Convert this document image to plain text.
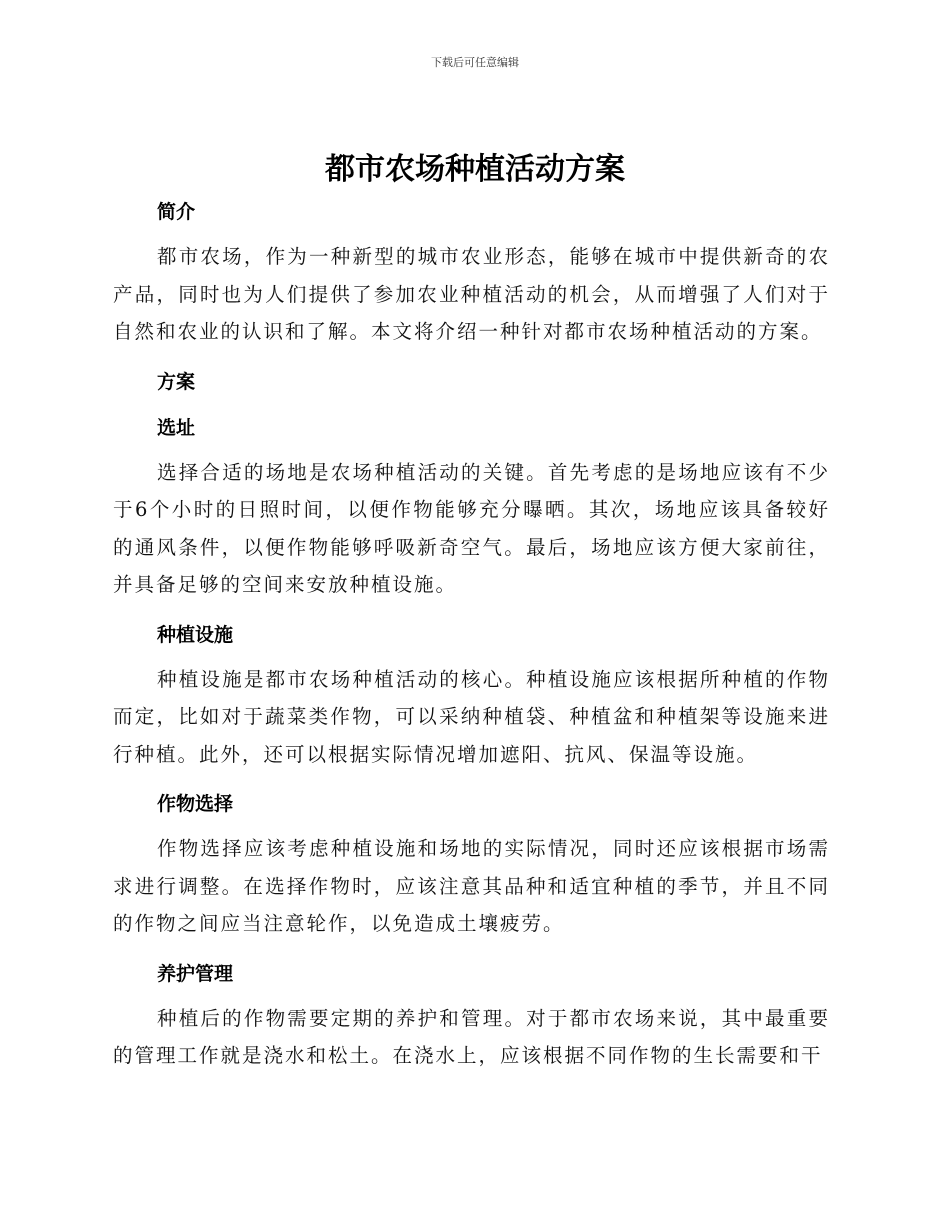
下载后可任意编辑
都市农场种植活动方案
简介

都市农场，作为一种新型的城市农业形态，能够在城市中提供新奇的农产品，同时也为人们提供了参加农业种植活动的机会，从而增强了人们对于自然和农业的认识和了解。本文将介绍一种针对都市农场种植活动的方案。

方案
选址

选择合适的场地是农场种植活动的关键。首先考虑的是场地应该有不少于6个小时的日照时间，以便作物能够充分曝晒。其次，场地应该具备较好的通风条件，以便作物能够呼吸新奇空气。最后，场地应该方便大家前往，并具备足够的空间来安放种植设施。

种植设施

种植设施是都市农场种植活动的核心。种植设施应该根据所种植的作物而定，比如对于蔬菜类作物，可以采纳种植袋、种植盆和种植架等设施来进行种植。此外，还可以根据实际情况增加遮阳、抗风、保温等设施。

作物选择

作物选择应该考虑种植设施和场地的实际情况，同时还应该根据市场需求进行调整。在选择作物时，应该注意其品种和适宜种植的季节，并且不同的作物之间应当注意轮作，以免造成土壤疲劳。

养护管理

种植后的作物需要定期的养护和管理。对于都市农场来说，其中最重要的管理工作就是浇水和松土。在浇水上，应该根据不同作物的生长需要和干
